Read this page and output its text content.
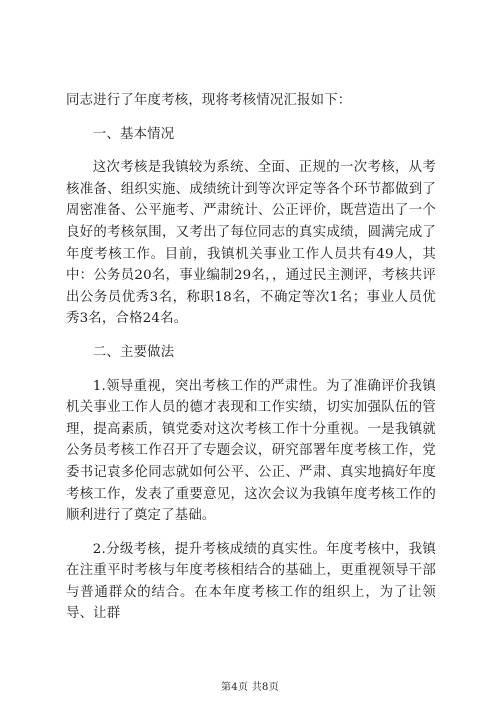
同志进行了年度考核，现将考核情况汇报如下：

一、基本情况

这次考核是我镇较为系统、全面、正规的一次考核，从考核准备、组织实施、成绩统计到等次评定等各个环节都做到了周密准备、公平施考、严肃统计、公正评价，既营造出了一个良好的考核氛围，又考出了每位同志的真实成绩，圆满完成了年度考核工作。目前，我镇机关事业工作人员共有49人，其中：公务员20名，事业编制29名，，通过民主测评，考核共评出公务员优秀3名，称职18名，不确定等次1名；事业人员优秀3名，合格24名。

二、主要做法

1.领导重视，突出考核工作的严肃性。为了准确评价我镇机关事业工作人员的德才表现和工作实绩，切实加强队伍的管理，提高素质，镇党委对这次考核工作十分重视。一是我镇就公务员考核工作召开了专题会议，研究部署年度考核工作，党委书记袁多伦同志就如何公平、公正、严肃、真实地搞好年度考核工作，发表了重要意见，这次会议为我镇年度考核工作的顺利进行了奠定了基础。

2.分级考核，提升考核成绩的真实性。年度考核中，我镇在注重平时考核与年度考核相结合的基础上，更重视领导干部与普通群众的结合。在本年度考核工作的组织上，为了让领导、让群

第4页 共8页
